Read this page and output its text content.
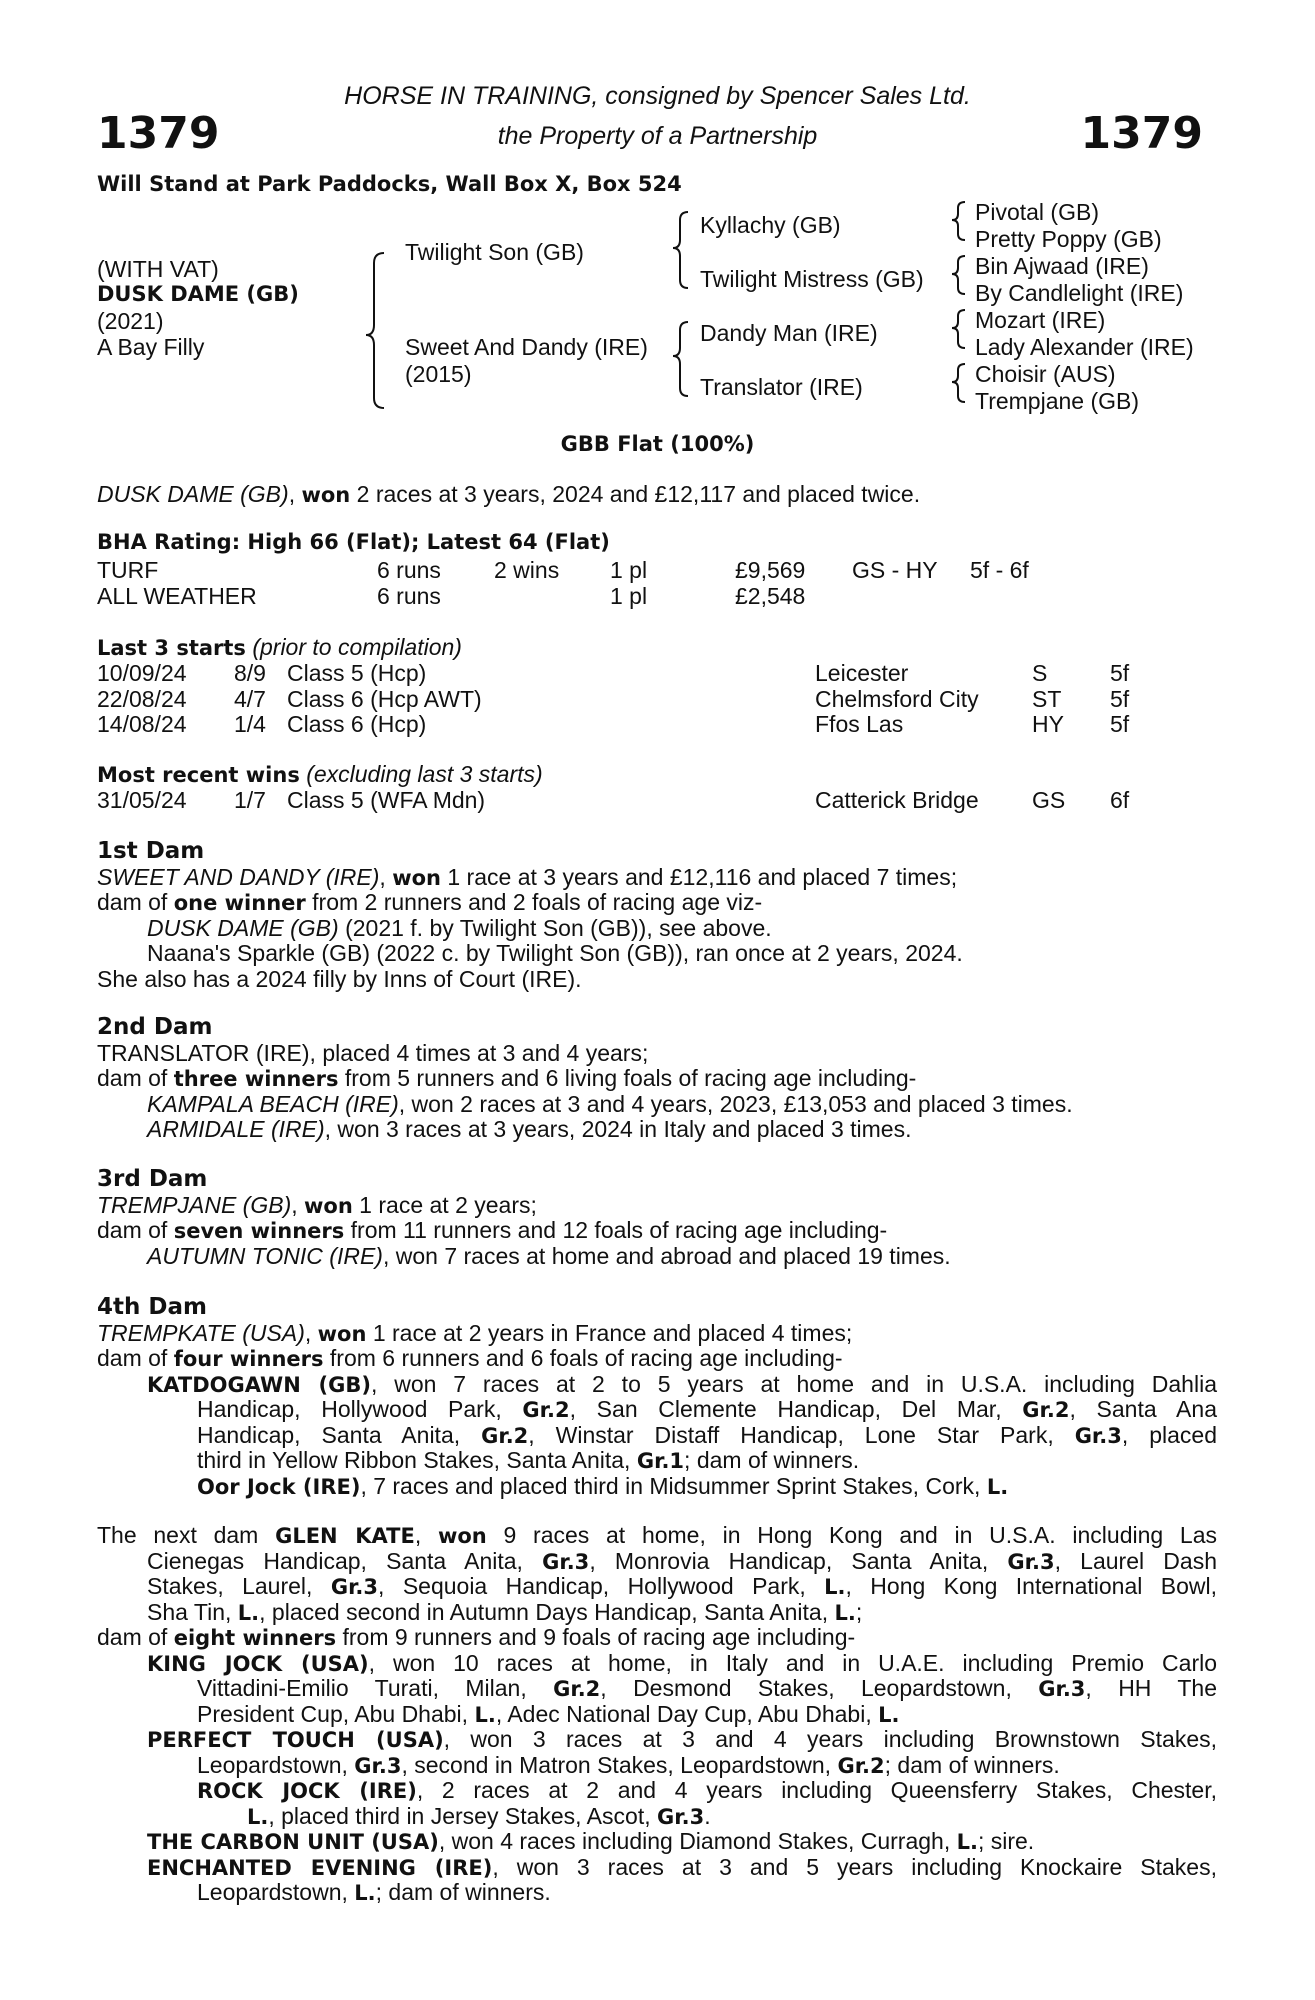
1379	1379
HORSE IN TRAINING, consigned by Spencer Sales Ltd.
the Property of a Partnership
Will Stand at Park Paddocks, Wall Box X, Box 524
(WITH VAT)
DUSK DAME (GB)
(2021)
A Bay Filly
Twilight Son (GB)
Sweet And Dandy (IRE)
(2015)
Kyllachy (GB)
Twilight Mistress (GB)
Dandy Man (IRE)
Translator (IRE)
Pivotal (GB)
Pretty Poppy (GB)
Bin Ajwaad (IRE)
By Candlelight (IRE)
Mozart (IRE)
Lady Alexander (IRE)
Choisir (AUS)
Trempjane (GB)
GBB Flat (100%)
DUSK DAME (GB), won 2 races at 3 years, 2024 and £12,117 and placed twice.
BHA Rating: High 66 (Flat); Latest 64 (Flat)
TURF	6 runs 2 wins 1 pl	£9,569 GS - HY 5f - 6f
ALL WEATHER	6 runs	1 pl	£2,548
Last 3 starts (prior to compilation)
10/09/24 8/9 Class 5 (Hcp)	Leicester	S	5f
22/08/24 4/7 Class 6 (Hcp AWT)	Chelmsford City ST 5f
14/08/24 1/4 Class 6 (Hcp)	Ffos Las	HY 5f
Most recent wins (excluding last 3 starts)
31/05/24 1/7 Class 5 (WFA Mdn)	Catterick Bridge GS 6f
1st Dam
SWEET AND DANDY (IRE), won 1 race at 3 years and £12,116 and placed 7 times;
dam of one winner from 2 runners and 2 foals of racing age viz-
DUSK DAME (GB) (2021 f. by Twilight Son (GB)), see above.
Naana's Sparkle (GB) (2022 c. by Twilight Son (GB)), ran once at 2 years, 2024.
She also has a 2024 filly by Inns of Court (IRE).
2nd Dam
TRANSLATOR (IRE), placed 4 times at 3 and 4 years;
dam of three winners from 5 runners and 6 living foals of racing age including-
KAMPALA BEACH (IRE), won 2 races at 3 and 4 years, 2023, £13,053 and placed 3 times.
ARMIDALE (IRE), won 3 races at 3 years, 2024 in Italy and placed 3 times.
3rd Dam
TREMPJANE (GB), won 1 race at 2 years;
dam of seven winners from 11 runners and 12 foals of racing age including-
AUTUMN TONIC (IRE), won 7 races at home and abroad and placed 19 times.
4th Dam
TREMPKATE (USA), won 1 race at 2 years in France and placed 4 times;
dam of four winners from 6 runners and 6 foals of racing age including-
KATDOGAWN (GB), won 7 races at 2 to 5 years at home and in U.S.A. including Dahlia
Handicap, Hollywood Park, Gr.2, San Clemente Handicap, Del Mar, Gr.2, Santa Ana
Handicap, Santa Anita, Gr.2, Winstar Distaff Handicap, Lone Star Park, Gr.3, placed
third in Yellow Ribbon Stakes, Santa Anita, Gr.1; dam of winners.
Oor Jock (IRE), 7 races and placed third in Midsummer Sprint Stakes, Cork, L.
The next dam GLEN KATE, won 9 races at home, in Hong Kong and in U.S.A. including Las
Cienegas Handicap, Santa Anita, Gr.3, Monrovia Handicap, Santa Anita, Gr.3, Laurel Dash
Stakes, Laurel, Gr.3, Sequoia Handicap, Hollywood Park, L., Hong Kong International Bowl,
Sha Tin, L., placed second in Autumn Days Handicap, Santa Anita, L.;
dam of eight winners from 9 runners and 9 foals of racing age including-
KING JOCK (USA), won 10 races at home, in Italy and in U.A.E. including Premio Carlo
Vittadini-Emilio Turati, Milan, Gr.2, Desmond Stakes, Leopardstown, Gr.3, HH The
President Cup, Abu Dhabi, L., Adec National Day Cup, Abu Dhabi, L.
PERFECT TOUCH (USA), won 3 races at 3 and 4 years including Brownstown Stakes,
Leopardstown, Gr.3, second in Matron Stakes, Leopardstown, Gr.2; dam of winners.
ROCK JOCK (IRE), 2 races at 2 and 4 years including Queensferry Stakes, Chester,
L., placed third in Jersey Stakes, Ascot, Gr.3.
THE CARBON UNIT (USA), won 4 races including Diamond Stakes, Curragh, L.; sire.
ENCHANTED EVENING (IRE), won 3 races at 3 and 5 years including Knockaire Stakes,
Leopardstown, L.; dam of winners.
